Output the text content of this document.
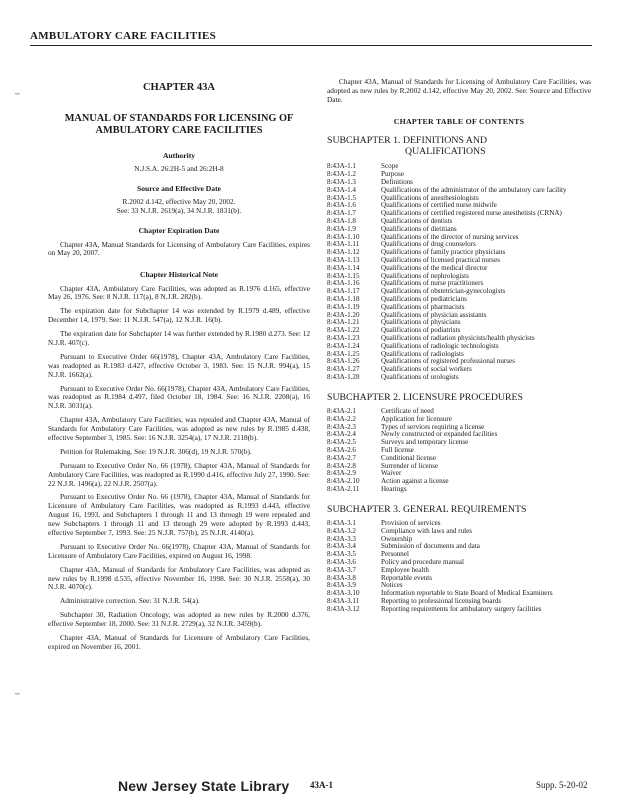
AMBULATORY CARE FACILITIES
⌣
⌣
CHAPTER 43A
MANUAL OF STANDARDS FOR LICENSING OF AMBULATORY CARE FACILITIES
Authority

N.J.S.A. 26:2H-5 and 26:2H-8

Source and Effective Date

R.2002 d.142, effective May 20, 2002.

See: 33 N.J.R. 2619(a), 34 N.J.R. 1831(b).

Chapter Expiration Date

Chapter 43A, Manual Standards for Licensing of Ambulatory Care Facilities, expires on May 20, 2007.

Chapter Historical Note

Chapter 43A, Ambulatory Care Facilities, was adopted as R.1976 d.165, effective May 26, 1976. See: 8 N.J.R. 117(a), 8 N.J.R. 282(b).

The expiration date for Subchapter 14 was extended by R.1979 d.489, effective December 14, 1979. See: 11 N.J.R. 547(a), 12 N.J.R. 16(b).

The expiration date for Subchapter 14 was further extended by R.1980 d.273. See: 12 N.J.R. 407(c).

Pursuant to Executive Order 66(1978), Chapter 43A, Ambulatory Care Facilities, was readopted as R.1983 d.427, effective October 3, 1983. See: 15 N.J.R. 994(a), 15 N.J.R. 1662(a).

Pursuant to Executive Order No. 66(1978), Chapter 43A, Ambulatory Care Facilities, was readopted as R.1984 d.497, filed October 18, 1984. See: 16 N.J.R. 2208(a), 16 N.J.R. 3031(a).

Chapter 43A, Ambulatory Care Facilities, was repealed and Chapter 43A, Manual of Standards for Ambulatory Care Facilities, was adopted as new rules by R.1985 d.438, effective September 3, 1985. See: 16 N.J.R. 3254(a), 17 N.J.R. 2118(b).

Petition for Rulemaking. See: 19 N.J.R. 306(d), 19 N.J.R. 570(b).

Pursuant to Executive Order No. 66 (1978), Chapter 43A, Manual of Standards for Ambulatory Care Facilities, was readopted as R.1990 d.416, effective July 27, 1990. See: 22 N.J.R. 1496(a), 22 N.J.R. 2507(a).

Pursuant to Executive Order No. 66 (1978), Chapter 43A, Manual of Standards for Licensure of Ambulatory Care Facilities, was readopted as R.1993 d.443, effective August 16, 1993, and Subchapters 1 through 11 and 13 through 19 were repealed and new Subchapters 1 through 11 and 13 through 29 were adopted by R.1993 d.443, effective September 7, 1993. See: 25 N.J.R. 757(b), 25 N.J.R. 4140(a).

Pursuant to Executive Order No. 66(1978), Chapter 43A, Manual of Standards for Licensure of Ambulatory Care Facilities, expired on August 16, 1998.

Chapter 43A, Manual of Standards for Ambulatory Care Facilities, was adopted as new rules by R.1998 d.535, effective November 16, 1998. See: 30 N.J.R. 2558(a), 30 N.J.R. 4070(c).

Administrative correction. See: 31 N.J.R. 54(a).

Subchapter 30, Radiation Oncology, was adopted as new rules by R.2000 d.376, effective September 18, 2000. See: 31 N.J.R. 2729(a), 32 N.J.R. 3459(b).

Chapter 43A, Manual of Standards for Licensure of Ambulatory Care Facilities, expired on November 16, 2001.

Chapter 43A, Manual of Standards for Licensing of Ambulatory Care Facilities, was adopted as new rules by R.2002 d.142, effective May 20, 2002. See: Source and Effective Date.

CHAPTER TABLE OF CONTENTS
SUBCHAPTER 1. DEFINITIONS AND
QUALIFICATIONS
8:43A-1.1	Scope
8:43A-1.2	Purpose
8:43A-1.3	Definitions
8:43A-1.4	Qualifications of the administrator of the ambulatory care facility
8:43A-1.5	Qualifications of anesthesiologists
8:43A-1.6	Qualifications of certified nurse midwife
8:43A-1.7	Qualifications of certified registered nurse anesthetists (CRNA)
8:43A-1.8	Qualifications of dentists
8:43A-1.9	Qualifications of dietitians
8:43A-1.10	Qualifications of the director of nursing services
8:43A-1.11	Qualifications of drug counselors
8:43A-1.12	Qualifications of family practice physicians
8:43A-1.13	Qualifications of licensed practical nurses
8:43A-1.14	Qualifications of the medical director
8:43A-1.15	Qualifications of nephrologists
8:43A-1.16	Qualifications of nurse practitioners
8:43A-1.17	Qualifications of obstetrician-gynecologists
8:43A-1.18	Qualifications of pediatricians
8:43A-1.19	Qualifications of pharmacists
8:43A-1.20	Qualifications of physician assistants
8:43A-1.21	Qualifications of physicians
8:43A-1.22	Qualifications of podiatrists
8:43A-1.23	Qualifications of radiation physicists/health physicists
8:43A-1.24	Qualifications of radiologic technologists
8:43A-1.25	Qualifications of radiologists
8:43A-1.26	Qualifications of registered professional nurses
8:43A-1.27	Qualifications of social workers
8:43A-1.28	Qualifications of urologists
SUBCHAPTER 2. LICENSURE PROCEDURES
8:43A-2.1	Certificate of need
8:43A-2.2	Application for licensure
8:43A-2.3	Types of services requiring a license
8:43A-2.4	Newly constructed or expanded facilities
8:43A-2.5	Surveys and temporary license
8:43A-2.6	Full license
8:43A-2.7	Conditional license
8:43A-2.8	Surrender of license
8:43A-2.9	Waiver
8:43A-2.10	Action against a license
8:43A-2.11	Hearings
SUBCHAPTER 3. GENERAL REQUIREMENTS
8:43A-3.1	Provision of services
8:43A-3.2	Compliance with laws and rules
8:43A-3.3	Ownership
8:43A-3.4	Submission of documents and data
8:43A-3.5	Personnel
8:43A-3.6	Policy and procedure manual
8:43A-3.7	Employee health
8:43A-3.8	Reportable events
8:43A-3.9	Notices
8:43A-3.10	Information reportable to State Board of Medical Examiners
8:43A-3.11	Reporting to professional licensing boards
8:43A-3.12	Reporting requirements for ambulatory surgery facilities
New Jersey State Library 43A-1	Supp. 5-20-02
